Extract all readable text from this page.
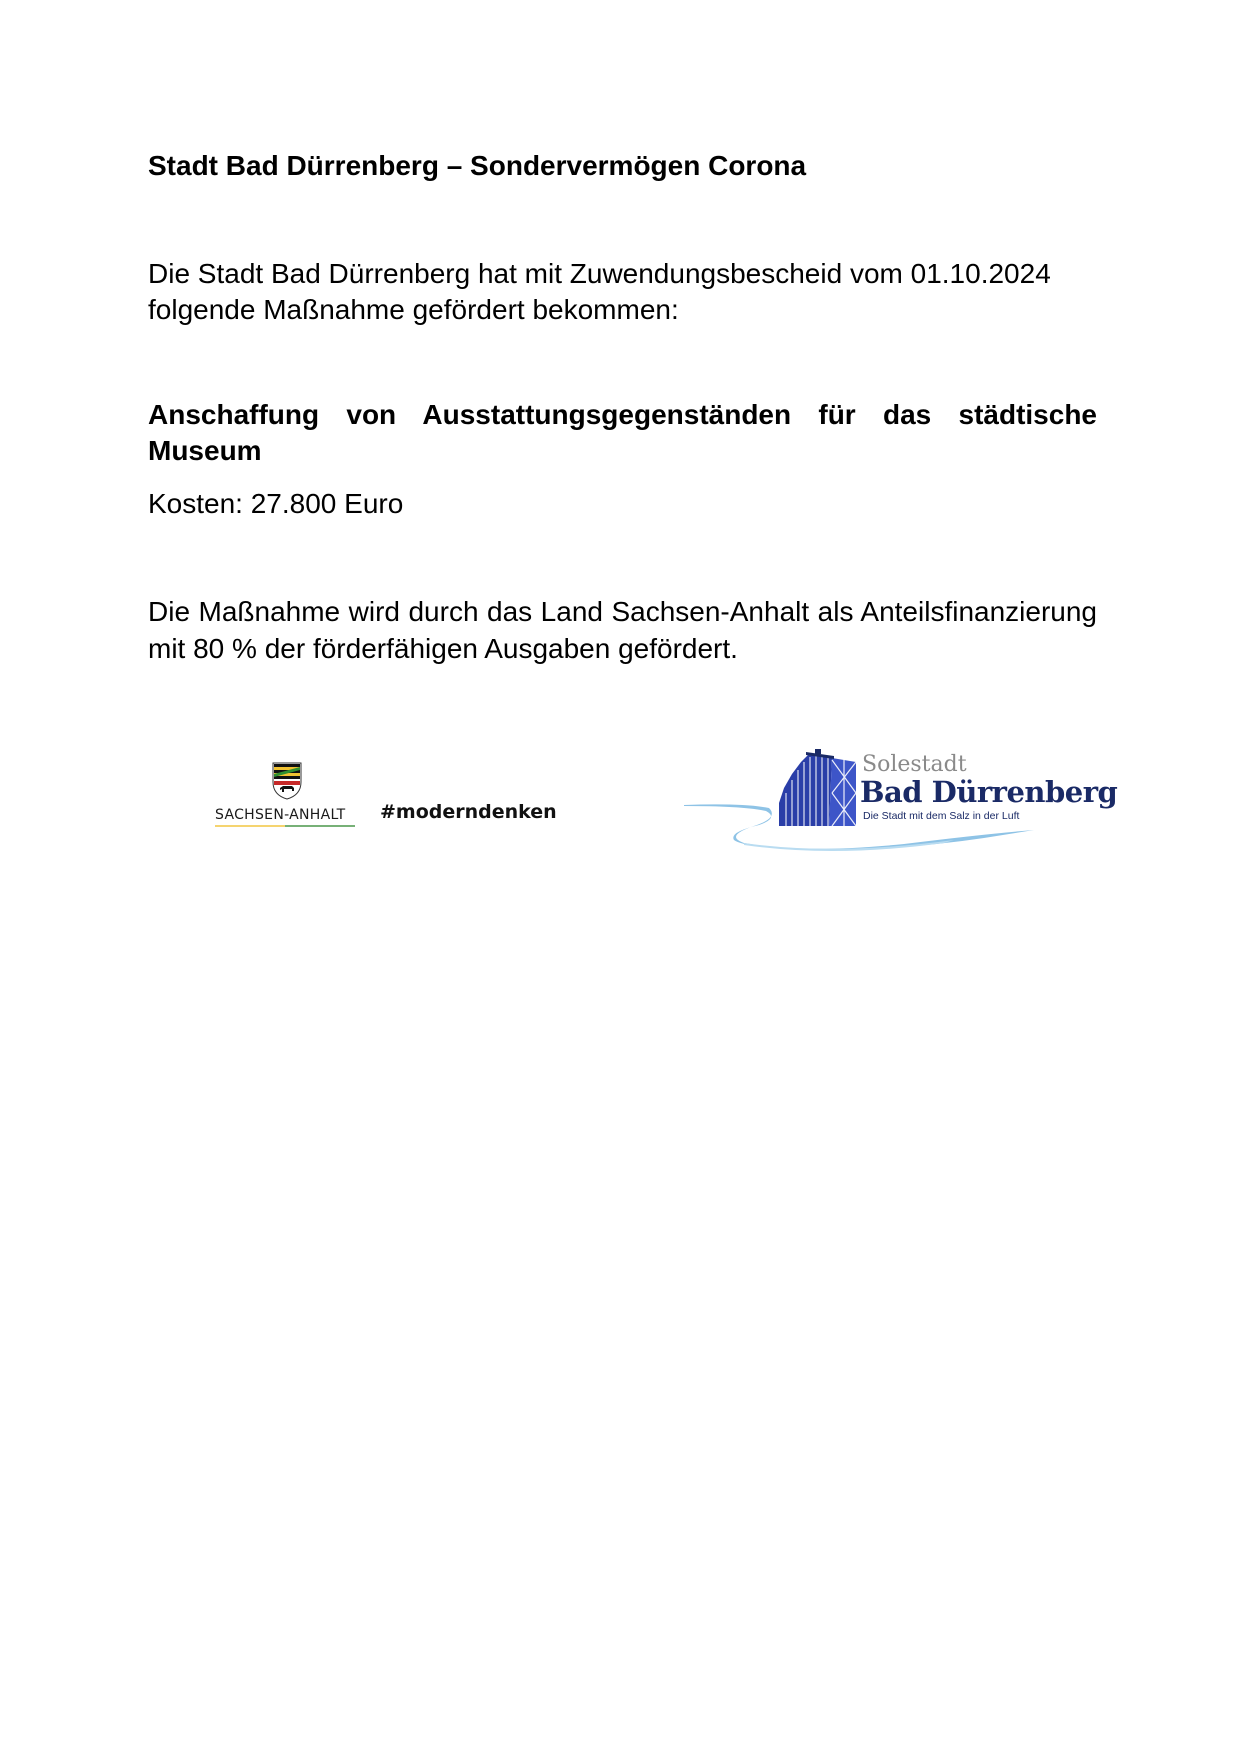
Stadt Bad Dürrenberg – Sondervermögen Corona

Die Stadt Bad Dürrenberg hat mit Zuwendungsbescheid vom 01.10.2024 folgende Maßnahme gefördert bekommen:

Anschaffung von Ausstattungsgegenständen für das städtische Museum

Kosten: 27.800 Euro

Die Maßnahme wird durch das Land Sachsen-Anhalt als Anteilsfinanzierung mit 80 % der förderfähigen Ausgaben gefördert.

SACHSEN-ANHALT #moderndenken
Solestadt
Bad Dürrenberg
Die Stadt mit dem Salz in der Luft
